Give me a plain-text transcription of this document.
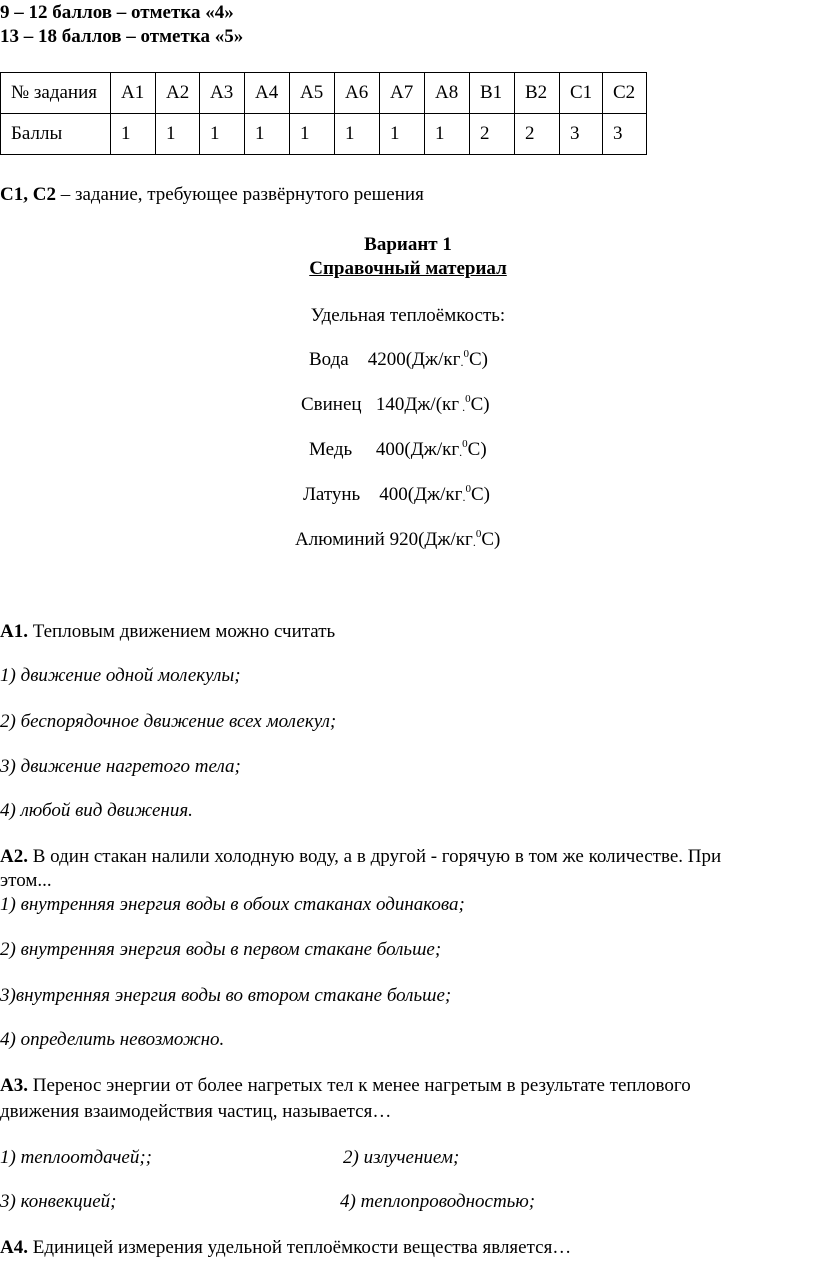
9 – 12 баллов – отметка «4»
13 – 18 баллов – отметка «5»
№ задания	А1	А2	А3	А4	А5	А6	А7	А8	В1	В2	С1	С2
Баллы	1	1	1	1	1	1	1	1	2	2	3	3
С1, С2 – задание, требующее развёрнутого решения
Вариант 1
Справочный материал
Удельная теплоёмкость:
Вода $4200(Дж/кг_.^0С)$
Свинец 140Дж/(кг $_.^0$С)
Медь $400(Дж/кг_.^0С)$
Латунь $400(Дж/кг_.^0С)$
Алюминий $920(Дж/кг_.^0С)$
А1. Тепловым движением можно считать
1) движение одной молекулы;
2) беспорядочное движение всех молекул;
3) движение нагретого тела;
4) любой вид движения.
А2. В один стакан налили холодную воду, а в другой - горячую в том же количестве. При
этом...
1) внутренняя энергия воды в обоих стаканах одинакова;
2) внутренняя энергия воды в первом стакане больше;
3)внутренняя энергия воды во втором стакане больше;
4) определить невозможно.
А3. Перенос энергии от более нагретых тел к менее нагретым в результате теплового
движения взаимодействия частиц, называется…
1) теплоотдачей;;	2) излучением;
3) конвекцией;	4) теплопроводностью;
А4. Единицей измерения удельной теплоёмкости вещества является…
